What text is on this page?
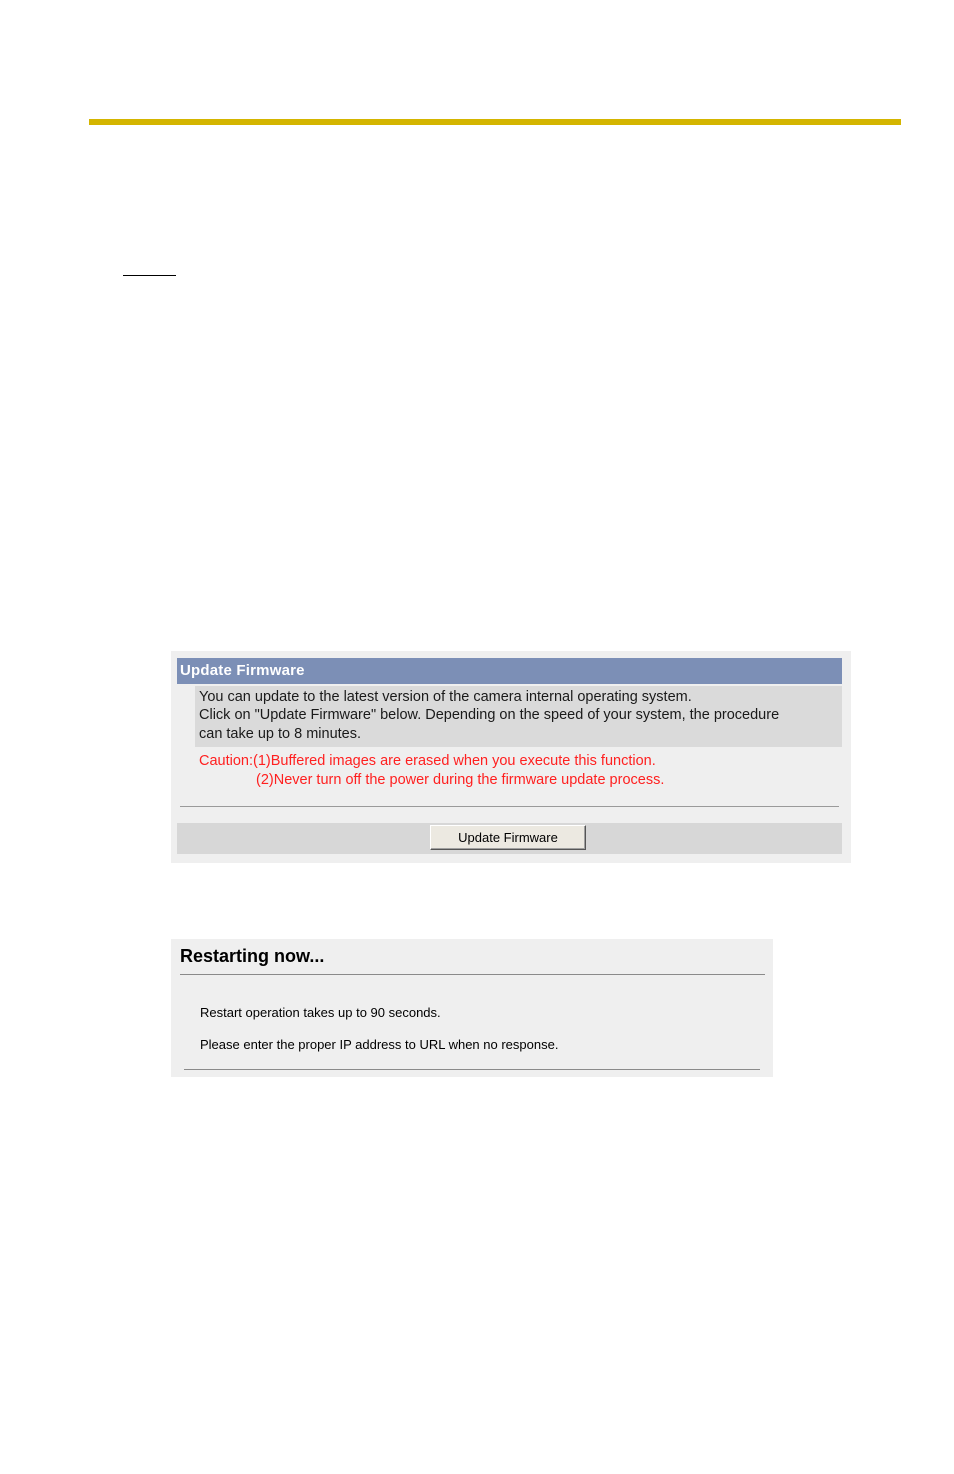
Update Firmware
You can update to the latest version of the camera internal operating system.
Click on "Update Firmware" below. Depending on the speed of your system, the procedure
can take up to 8 minutes.
Caution:(1)Buffered images are erased when you execute this function.
(2)Never turn off the power during the firmware update process.
Update Firmware
Restarting now...
Restart operation takes up to 90 seconds.
Please enter the proper IP address to URL when no response.
